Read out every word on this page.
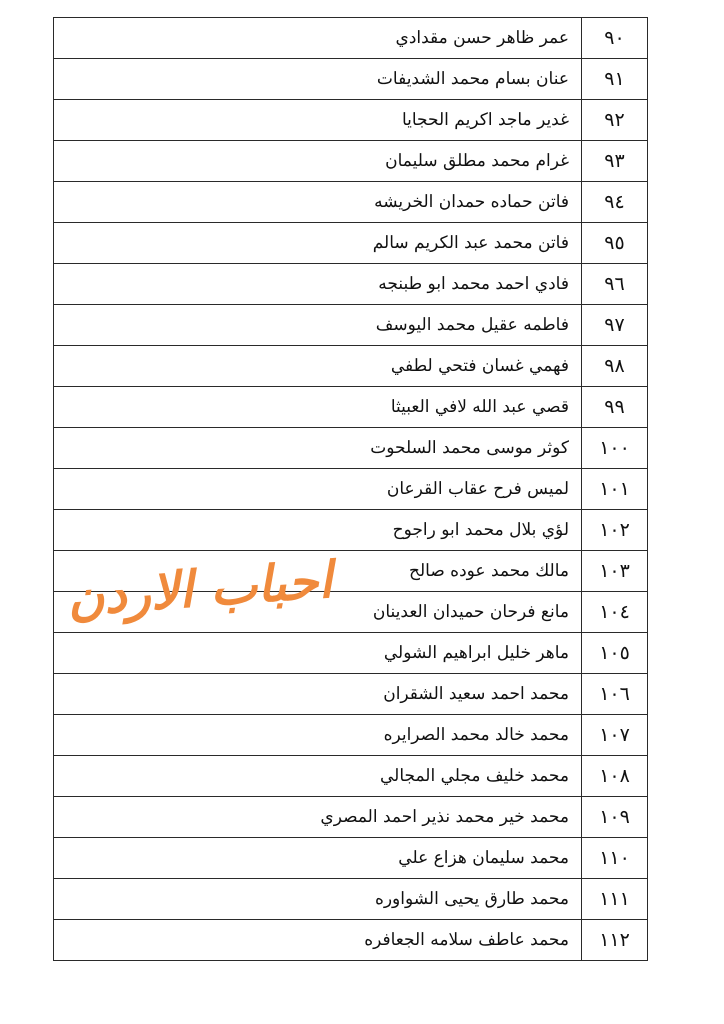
٩٠	عمر ظاهر حسن مقدادي
٩١	عنان بسام محمد الشديفات
٩٢	غدير ماجد اكريم الحجايا
٩٣	غرام محمد مطلق سليمان
٩٤	فاتن حماده حمدان الخريشه
٩٥	فاتن محمد عبد الكريم سالم
٩٦	فادي احمد محمد ابو طبنجه
٩٧	فاطمه عقيل محمد اليوسف
٩٨	فهمي غسان فتحي لطفي
٩٩	قصي عبد الله لافي العبيثا
١٠٠	كوثر موسى محمد السلحوت
١٠١	لميس فرح عقاب القرعان
١٠٢	لؤي بلال محمد ابو راجوح
١٠٣	مالك محمد عوده صالح
١٠٤	مانع فرحان حميدان العدينان
١٠٥	ماهر خليل ابراهيم الشولي
١٠٦	محمد احمد سعيد الشقران
١٠٧	محمد خالد محمد الصرايره
١٠٨	محمد خليف مجلي المجالي
١٠٩	محمد خير محمد نذير احمد المصري
١١٠	محمد سليمان هزاع علي
١١١	محمد طارق يحيى الشواوره
١١٢	محمد عاطف سلامه الجعافره
احباب الاردن
